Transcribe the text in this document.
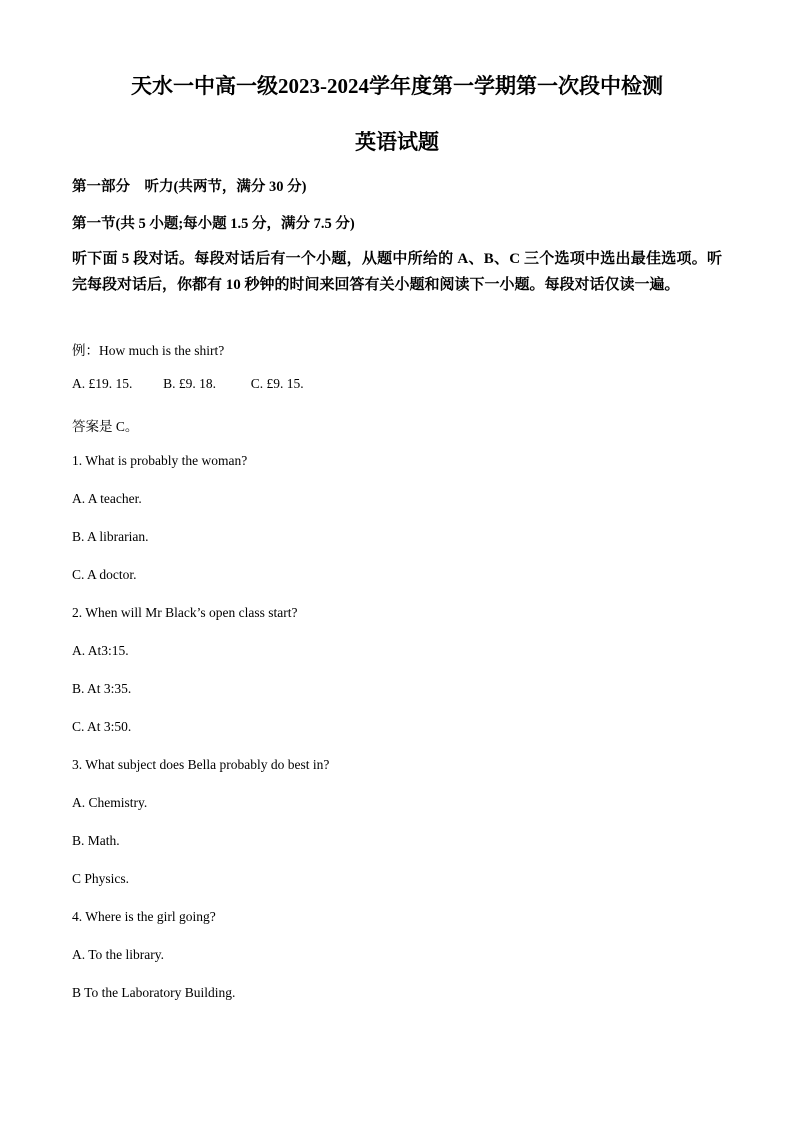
天水一中高一级2023-2024学年度第一学期第一次段中检测
英语试题
第一部分　听力(共两节，满分 30 分)
第一节(共 5 小题;每小题 1.5 分，满分 7.5 分)
听下面 5 段对话。每段对话后有一个小题，从题中所给的 A、B、C 三个选项中选出最佳选项。听完每段对话后，你都有 10 秒钟的时间来回答有关小题和阅读下一小题。每段对话仅读一遍。
例：How much is the shirt?
A. £19. 15. B. £9. 18.	C. £9. 15.
答案是 C。
1. What is probably the woman?
A. A teacher.
B. A librarian.
C. A doctor.
2. When will Mr Black’s open class start?
A. At3:15.
B. At 3:35.
C. At 3:50.
3. What subject does Bella probably do best in?
A. Chemistry.
B. Math.
C Physics.
4. Where is the girl going?
A. To the library.
B To the Laboratory Building.
